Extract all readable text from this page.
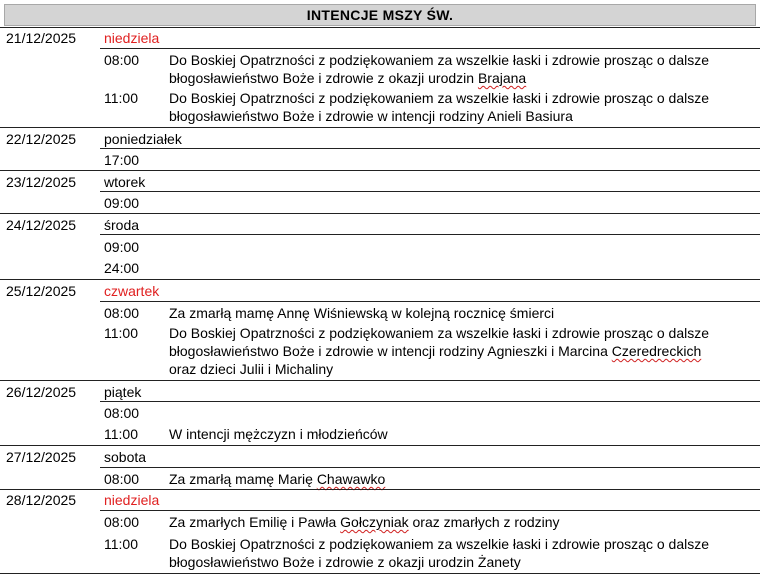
INTENCJE MSZY ŚW.
21/12/2025 niedziela
08:00 Do Boskiej Opatrzności z podziękowaniem za wszelkie łaski i zdrowie prosząc o dalsze
błogosławieństwo Boże i zdrowie z okazji urodzin Brajana
11:00 Do Boskiej Opatrzności z podziękowaniem za wszelkie łaski i zdrowie prosząc o dalsze
błogosławieństwo Boże i zdrowie w intencji rodziny Anieli Basiura
22/12/2025 poniedziałek
17:00
23/12/2025 wtorek
09:00
24/12/2025 środa
09:00
24:00
25/12/2025 czwartek
08:00 Za zmarłą mamę Annę Wiśniewską w kolejną rocznicę śmierci
11:00 Do Boskiej Opatrzności z podziękowaniem za wszelkie łaski i zdrowie prosząc o dalsze
błogosławieństwo Boże i zdrowie w intencji rodziny Agnieszki i Marcina Czeredreckich
oraz dzieci Julii i Michaliny
26/12/2025 piątek
08:00
11:00 W intencji mężczyzn i młodzieńców
27/12/2025 sobota
08:00 Za zmarłą mamę Marię Chawawko
28/12/2025 niedziela
08:00 Za zmarłych Emilię i Pawła Gołczyniak oraz zmarłych z rodziny
11:00 Do Boskiej Opatrzności z podziękowaniem za wszelkie łaski i zdrowie prosząc o dalsze
błogosławieństwo Boże i zdrowie z okazji urodzin Żanety
